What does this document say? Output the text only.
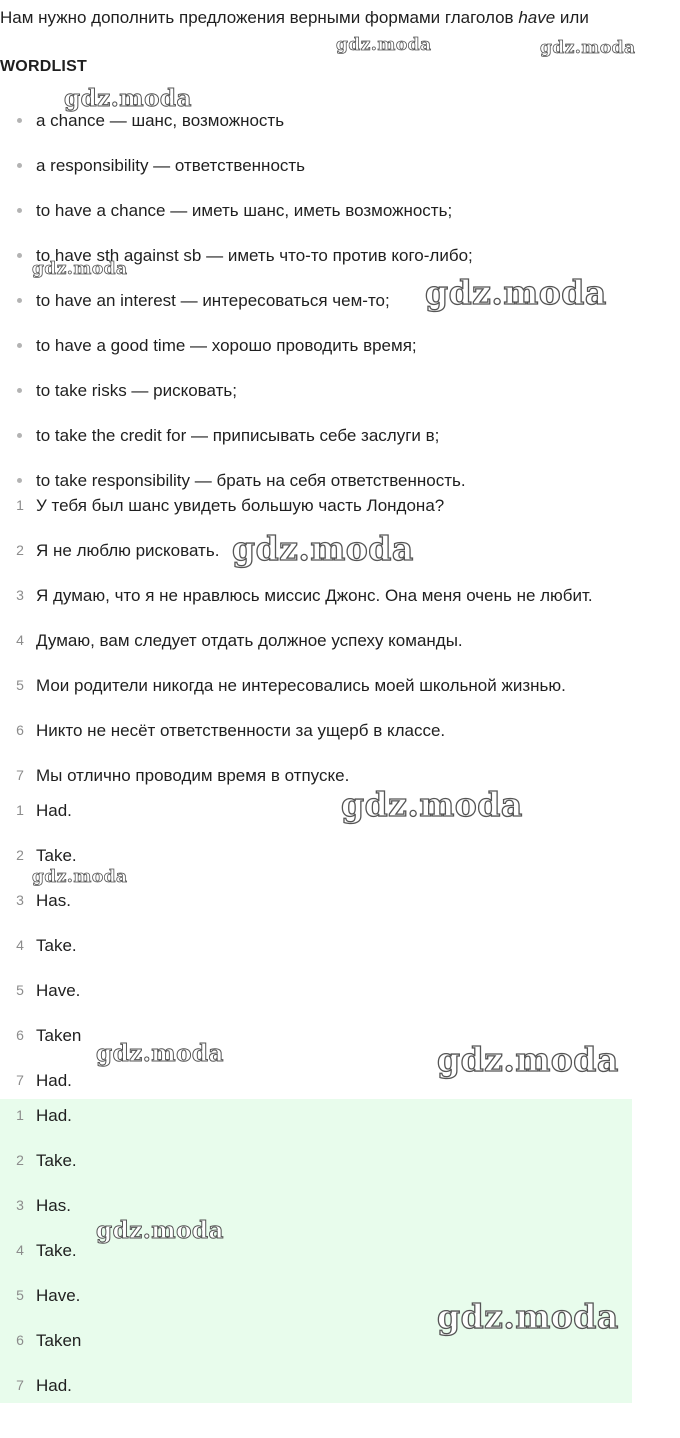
Нам нужно дополнить предложения верными формами глаголов have или
WORDLIST
a chance — шанс, возможность
a responsibility — ответственность
to have a chance — иметь шанс, иметь возможность;
to have sth against sb — иметь что-то против кого-либо;
to have an interest — интересоваться чем-то;
to have a good time — хорошо проводить время;
to take risks — рисковать;
to take the credit for — приписывать себе заслуги в;
to take responsibility — брать на себя ответственность.
1 У тебя был шанс увидеть большую часть Лондона?
2 Я не люблю рисковать.
3 Я думаю, что я не нравлюсь миссис Джонс. Она меня очень не любит.
4 Думаю, вам следует отдать должное успеху команды.
5 Мои родители никогда не интересовались моей школьной жизнью.
6 Никто не несёт ответственности за ущерб в классе.
7 Мы отлично проводим время в отпуске.
1 Had.
2 Take.
3 Has.
4 Take.
5 Have.
6 Taken
7 Had.
1 Had.
2 Take.
3 Has.
4 Take.
5 Have.
6 Taken
7 Had.
gdz.moda	gdz.moda
gdz.moda
gdz.moda
gdz.moda
gdz.moda
gdz.moda
gdz.moda
gdz.moda	gdz.moda
gdz.moda
gdz.moda
